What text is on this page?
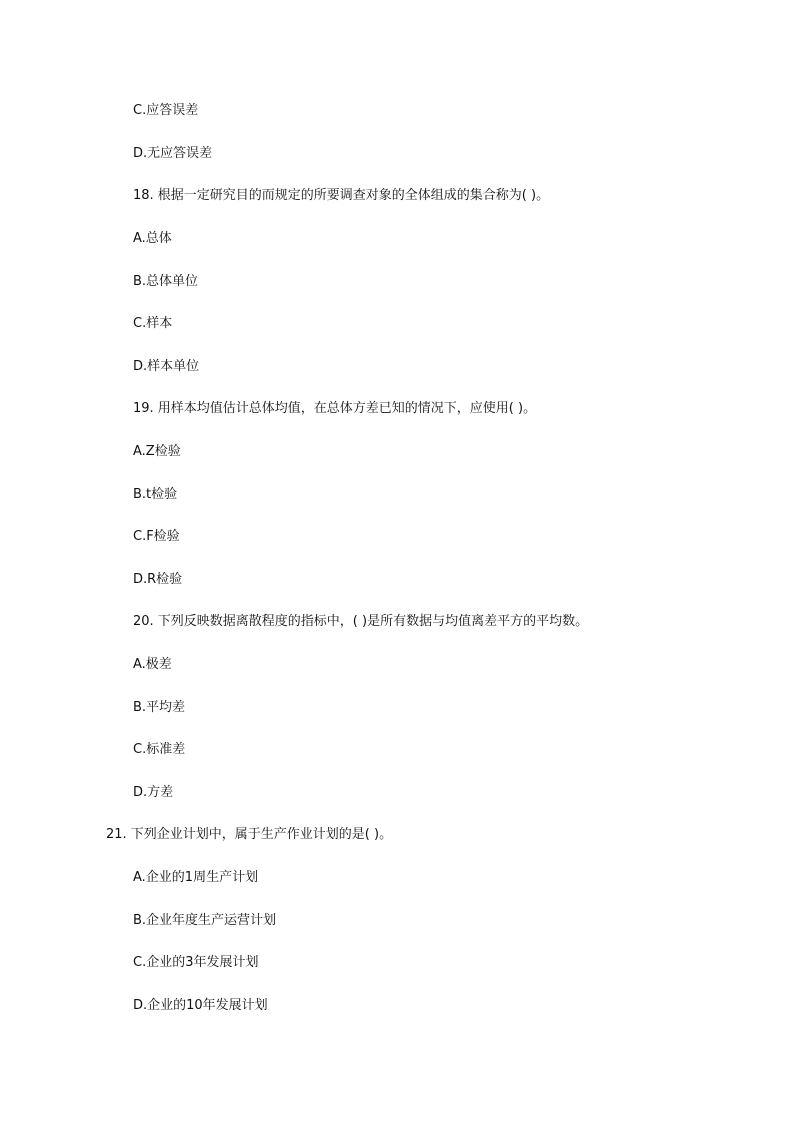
C.应答误差
D.无应答误差
18. 根据一定研究目的而规定的所要调查对象的全体组成的集合称为( )。
A.总体
B.总体单位
C.样本
D.样本单位
19. 用样本均值估计总体均值，在总体方差已知的情况下，应使用( )。
A.Z检验
B.t检验
C.F检验
D.R检验
20. 下列反映数据离散程度的指标中，( )是所有数据与均值离差平方的平均数。
A.极差
B.平均差
C.标准差
D.方差
21. 下列企业计划中，属于生产作业计划的是( )。
A.企业的1周生产计划
B.企业年度生产运营计划
C.企业的3年发展计划
D.企业的10年发展计划
